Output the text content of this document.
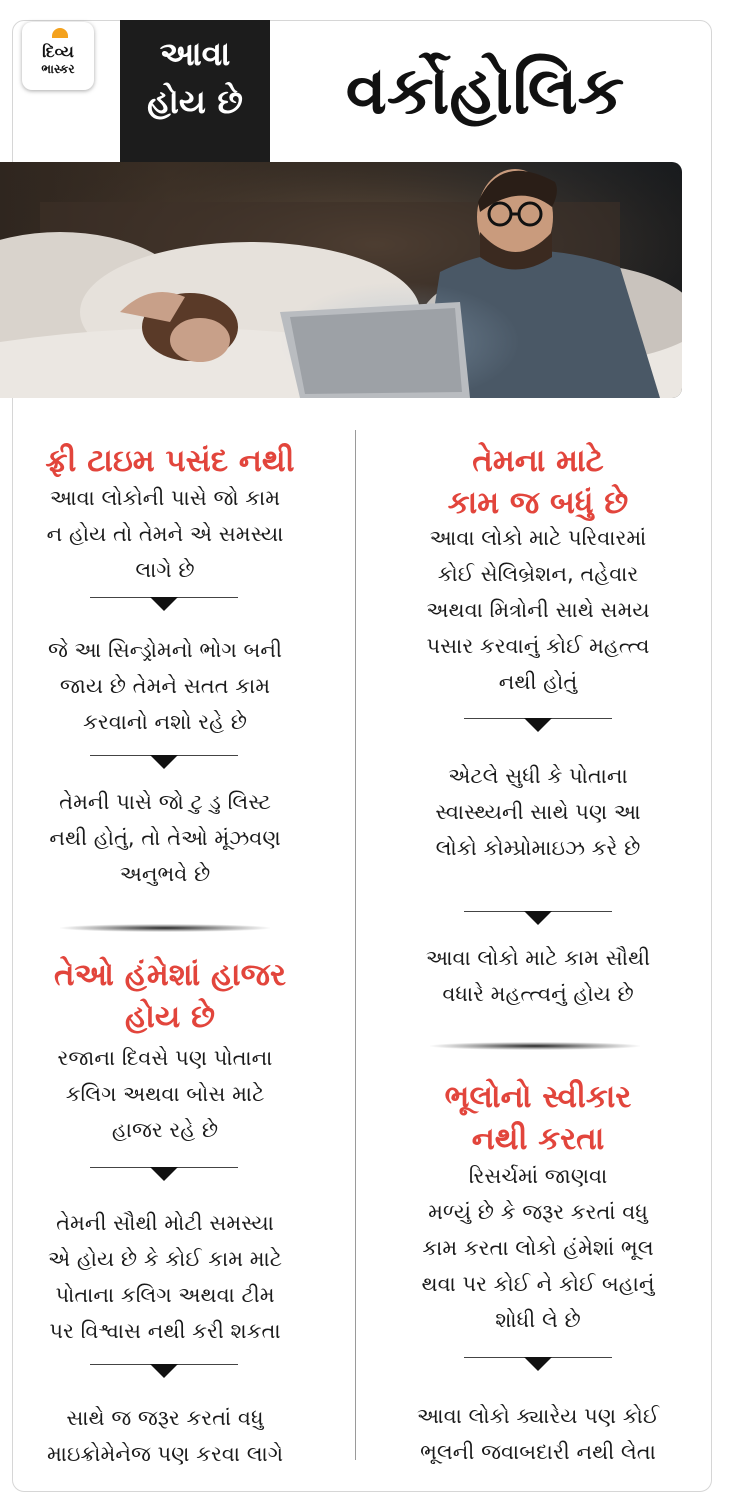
દિવ્ય
ભાસ્કર	આવા
હોય છે	વર્કોહોલિક
ફ્રી ટાઇમ પસંદ નથી
આવા લોકોની પાસે જો કામ
ન હોય તો તેમને એ સમસ્યા
લાગે છે
જે આ સિન્ડ્રોમનો ભોગ બની
જાય છે તેમને સતત કામ
કરવાનો નશો રહે છે
તેમની પાસે જો ટુ ડુ લિસ્ટ
નથી હોતું, તો તેઓ મૂંઝવણ
અનુભવે છે
તેઓ હંમેશાં હાજર
હોય છે
રજાના દિવસે પણ પોતાના
કલિગ અથવા બોસ માટે
હાજર રહે છે
તેમની સૌથી મોટી સમસ્યા
એ હોય છે કે કોઈ કામ માટે
પોતાના કલિગ અથવા ટીમ
પર વિશ્વાસ નથી કરી શકતા
સાથે જ જરૂર કરતાં વધુ
માઇક્રોમેનેજ પણ કરવા લાગે
તેમના માટે
કામ જ બધું છે
આવા લોકો માટે પરિવારમાં
કોઈ સેલિબ્રેશન, તહેવાર
અથવા મિત્રોની સાથે સમય
પસાર કરવાનું કોઈ મહત્ત્વ
નથી હોતું
એટલે સુધી કે પોતાના
સ્વાસ્થ્યની સાથે પણ આ
લોકો કોમ્પ્રોમાઇઝ કરે છે
આવા લોકો માટે કામ સૌથી
વધારે મહત્ત્વનું હોય છે
ભૂલોનો સ્વીકાર
નથી કરતા
રિસર્ચમાં જાણવા
મળ્યું છે કે જરૂર કરતાં વધુ
કામ કરતા લોકો હંમેશાં ભૂલ
થવા પર કોઈ ને કોઈ બહાનું
શોધી લે છે
આવા લોકો ક્યારેય પણ કોઈ
ભૂલની જવાબદારી નથી લેતા
